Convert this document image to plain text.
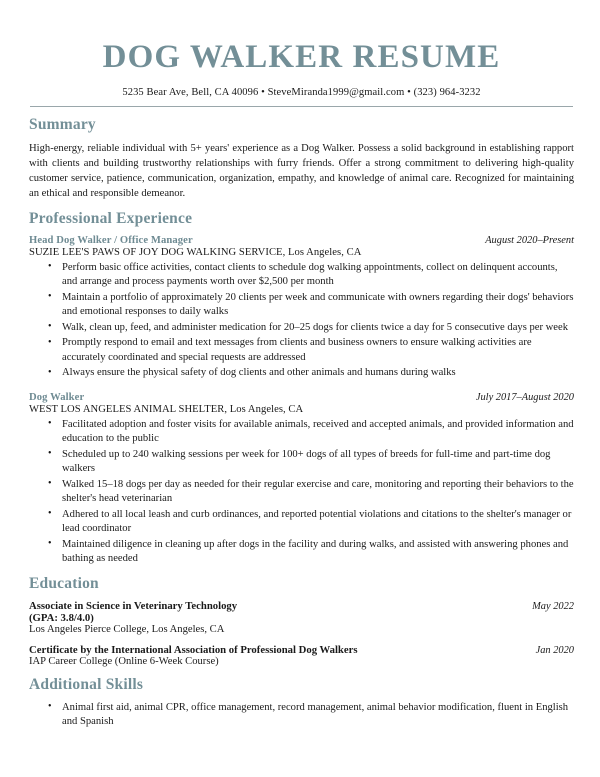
DOG WALKER RESUME
5235 Bear Ave, Bell, CA 40096 • SteveMiranda1999@gmail.com • (323) 964-3232
Summary

High-energy, reliable individual with 5+ years' experience as a Dog Walker. Possess a solid background in establishing rapport with clients and building trustworthy relationships with furry friends. Offer a strong commitment to delivering high-quality customer service, patience, communication, organization, empathy, and knowledge of animal care. Recognized for maintaining an ethical and responsible demeanor.

Professional Experience
Head Dog Walker / Office Manager	August 2020–Present
SUZIE LEE'S PAWS OF JOY DOG WALKING SERVICE, Los Angeles, CA
• Perform basic office activities, contact clients to schedule dog walking appointments, collect on delinquent accounts, and arrange and process payments worth over $2,500 per month
• Maintain a portfolio of approximately 20 clients per week and communicate with owners regarding their dogs' behaviors and emotional responses to daily walks
• Walk, clean up, feed, and administer medication for 20–25 dogs for clients twice a day for 5 consecutive days per week
• Promptly respond to email and text messages from clients and business owners to ensure walking activities are accurately coordinated and special requests are addressed
• Always ensure the physical safety of dog clients and other animals and humans during walks
Dog Walker	July 2017–August 2020
WEST LOS ANGELES ANIMAL SHELTER, Los Angeles, CA
• Facilitated adoption and foster visits for available animals, received and accepted animals, and provided information and education to the public
• Scheduled up to 240 walking sessions per week for 100+ dogs of all types of breeds for full-time and part-time dog walkers
• Walked 15–18 dogs per day as needed for their regular exercise and care, monitoring and reporting their behaviors to the shelter's head veterinarian
• Adhered to all local leash and curb ordinances, and reported potential violations and citations to the shelter's manager or lead coordinator
• Maintained diligence in cleaning up after dogs in the facility and during walks, and assisted with answering phones and bathing as needed
Education
Associate in Science in Veterinary Technology	May 2022
(GPA: 3.8/4.0)
Los Angeles Pierce College, Los Angeles, CA
Certificate by the International Association of Professional Dog Walkers	Jan 2020
IAP Career College (Online 6-Week Course)
Additional Skills
• Animal first aid, animal CPR, office management, record management, animal behavior modification, fluent in English and Spanish
